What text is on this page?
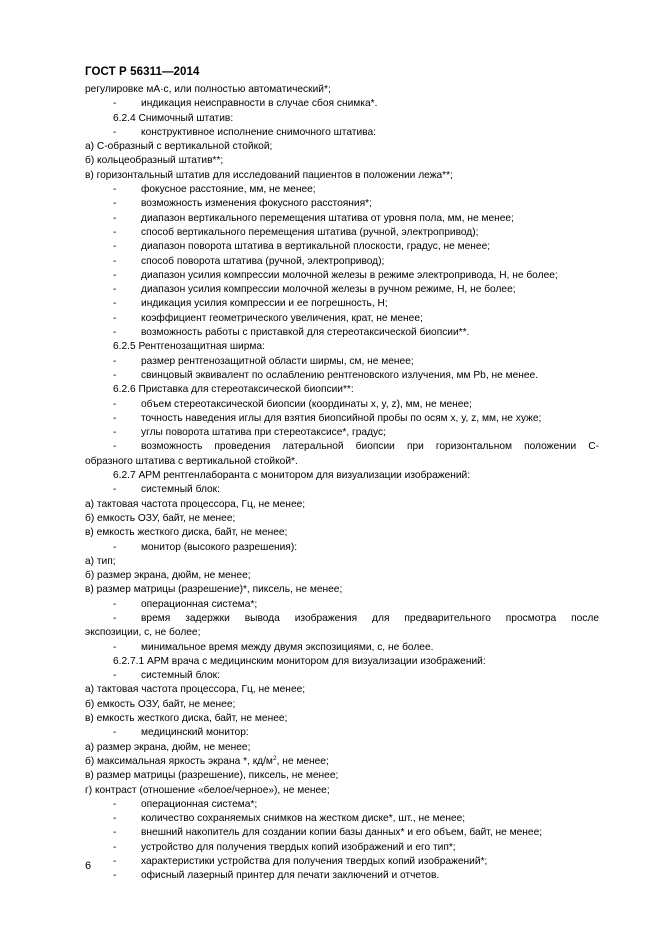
ГОСТ Р 56311—2014
регулировке мА·с, или полностью автоматический*;
- индикация неисправности в случае сбоя снимка*.
6.2.4 Снимочный штатив:
- конструктивное исполнение снимочного штатива:
а) С-образный с вертикальной стойкой;
б) кольцеобразный штатив**;
в) горизонтальный штатив для исследований пациентов в положении лежа**;
- фокусное расстояние, мм, не менее;
- возможность изменения фокусного расстояния*;
- диапазон вертикального перемещения штатива от уровня пола, мм, не менее;
- способ вертикального перемещения штатива (ручной, электропривод);
- диапазон поворота штатива в вертикальной плоскости, градус, не менее;
- способ поворота штатива (ручной, электропривод);
- диапазон усилия компрессии молочной железы в режиме электропривода, Н, не более;
- диапазон усилия компрессии молочной железы в ручном режиме, Н, не более;
- индикация усилия компрессии и ее погрешность, Н;
- коэффициент геометрического увеличения, крат, не менее;
- возможность работы с приставкой для стереотаксической биопсии**.
6.2.5 Рентгенозащитная ширма:
- размер рентгенозащитной области ширмы, см, не менее;
- свинцовый эквивалент по ослаблению рентгеновского излучения, мм Pb, не менее.
6.2.6 Приставка для стереотаксической биопсии**:
- объем стереотаксической биопсии (координаты x, y, z), мм, не менее;
- точность наведения иглы для взятия биопсийной пробы по осям x, y, z, мм, не хуже;
- углы поворота штатива при стереотаксисе*, градус;
- возможность проведения латеральной биопсии при горизонтальном положении С-
образного штатива с вертикальной стойкой*.
6.2.7 АРМ рентгенлаборанта с монитором для визуализации изображений:
- системный блок:
а) тактовая частота процессора, Гц, не менее;
б) емкость ОЗУ, байт, не менее;
в) емкость жесткого диска, байт, не менее;
- монитор (высокого разрешения):
а) тип;
б) размер экрана, дюйм, не менее;
в) размер матрицы (разрешение)*, пиксель, не менее;
- операционная система*;
- время задержки вывода изображения для предварительного просмотра после
экспозиции, с, не более;
- минимальное время между двумя экспозициями, с, не более.
6.2.7.1 АРМ врача с медицинским монитором для визуализации изображений:
- системный блок:
а) тактовая частота процессора, Гц, не менее;
б) емкость ОЗУ, байт, не менее;
в) емкость жесткого диска, байт, не менее;
- медицинский монитор:
а) размер экрана, дюйм, не менее;
б) максимальная яркость экрана *, $кд/м^2$, не менее;
в) размер матрицы (разрешение), пиксель, не менее;
г) контраст (отношение «белое/черное»), не менее;
- операционная система*;
- количество сохраняемых снимков на жестком диске*, шт., не менее;
- внешний накопитель для создании копии базы данных* и его объем, байт, не менее;
- устройство для получения твердых копий изображений и его тип*;
- характеристики устройства для получения твердых копий изображений*;
- офисный лазерный принтер для печати заключений и отчетов.
6
